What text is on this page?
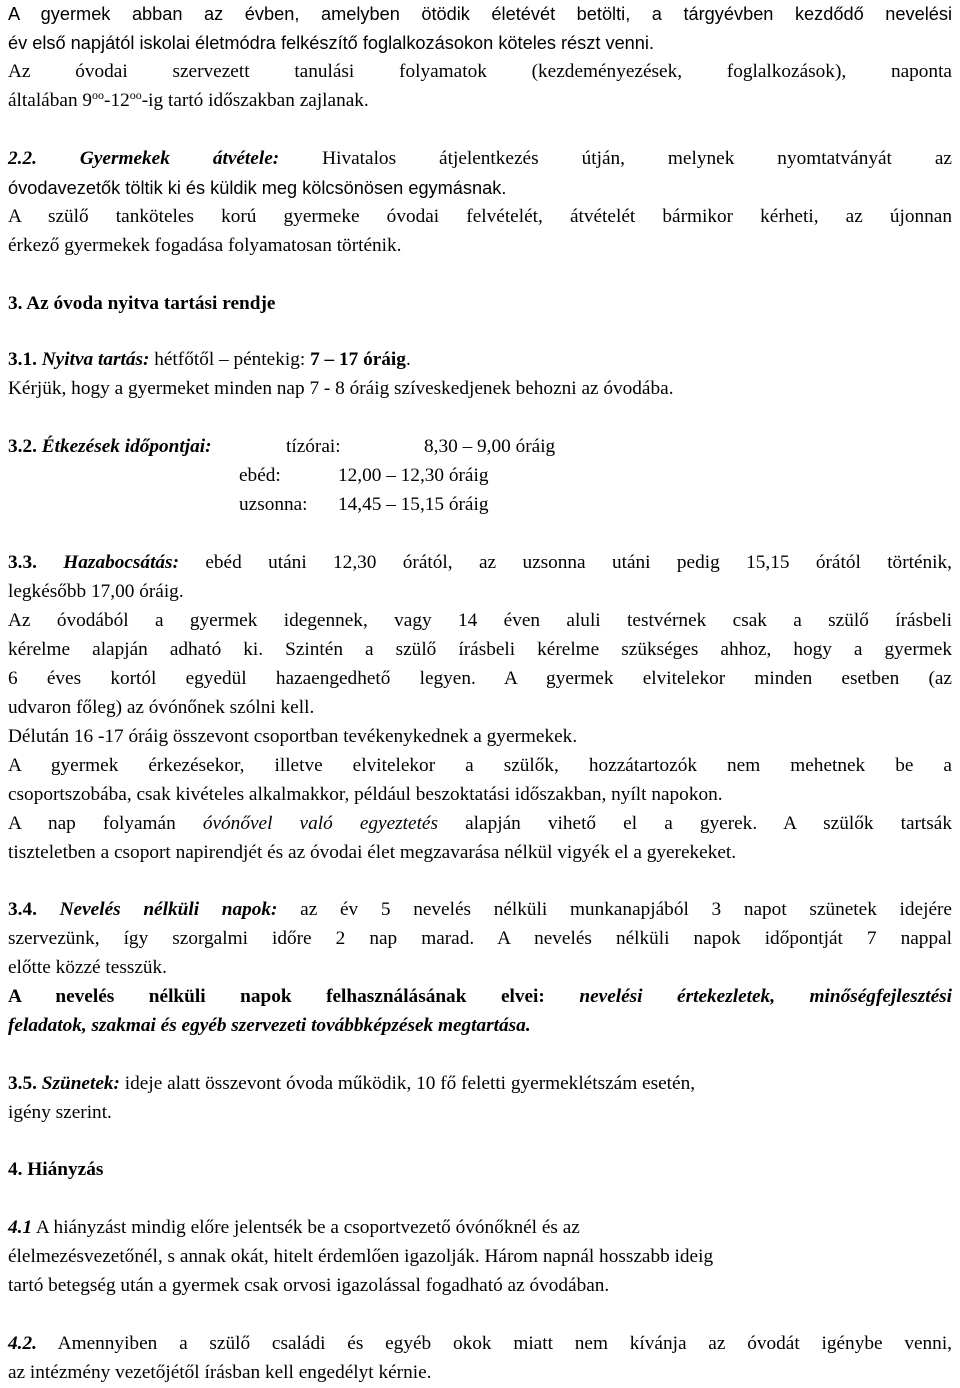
A gyermek abban az évben, amelyben ötödik életévét betölti, a tárgyévben kezdődő nevelési
év első napjától iskolai életmódra felkészítő foglalkozásokon köteles részt venni.
Az óvodai szervezett tanulási folyamatok (kezdeményezések, foglalkozások), naponta
általában $9^{oo}-12^{oo}-ig$ tartó időszakban zajlanak.
2.2. Gyermekek átvétele: Hivatalos átjelentkezés útján, melynek nyomtatványát az
óvodavezetők töltik ki és küldik meg kölcsönösen egymásnak.
A szülő tanköteles korú gyermeke óvodai felvételét, átvételét bármikor kérheti, az újonnan
érkező gyermekek fogadása folyamatosan történik.
3. Az óvoda nyitva tartási rendje
3.1. Nyitva tartás: hétfőtől – péntekig: 7 – 17 óráig.
Kérjük, hogy a gyermeket minden nap 7 - 8 óráig szíveskedjenek behozni az óvodába.
3.2. Étkezések időpontjai:	tízórai:	8,30 – 9,00 óráig
ebéd:	12,00 – 12,30 óráig
uzsonna: 14,45 – 15,15 óráig
3.3. Hazabocsátás: ebéd utáni 12,30 órától, az uzsonna utáni pedig 15,15 órától történik,
legkésőbb 17,00 óráig.
Az óvodából a gyermek idegennek, vagy 14 éven aluli testvérnek csak a szülő írásbeli
kérelme alapján adható ki. Szintén a szülő írásbeli kérelme szükséges ahhoz, hogy a gyermek
6 éves kortól egyedül hazaengedhető legyen. A gyermek elvitelekor minden esetben (az
udvaron főleg) az óvónőnek szólni kell.
Délután 16 -17 óráig összevont csoportban tevékenykednek a gyermekek.
A gyermek érkezésekor, illetve elvitelekor a szülők, hozzátartozók nem mehetnek be a
csoportszobába, csak kivételes alkalmakkor, például beszoktatási időszakban, nyílt napokon.
A nap folyamán óvónővel való egyeztetés alapján vihető el a gyerek. A szülők tartsák
tiszteletben a csoport napirendjét és az óvodai élet megzavarása nélkül vigyék el a gyerekeket.
3.4. Nevelés nélküli napok: az év 5 nevelés nélküli munkanapjából 3 napot szünetek idejére
szervezünk, így szorgalmi időre 2 nap marad. A nevelés nélküli napok időpontját 7 nappal
előtte közzé tesszük.
A nevelés nélküli napok felhasználásának elvei: nevelési értekezletek, minőségfejlesztési
feladatok, szakmai és egyéb szervezeti továbbképzések megtartása.
3.5. Szünetek: ideje alatt összevont óvoda működik, 10 fő feletti gyermeklétszám esetén,
igény szerint.
4. Hiányzás
4.1 A hiányzást mindig előre jelentsék be a csoportvezető óvónőknél és az
élelmezésvezetőnél, s annak okát, hitelt érdemlően igazolják. Három napnál hosszabb ideig
tartó betegség után a gyermek csak orvosi igazolással fogadható az óvodában.
4.2. Amennyiben a szülő családi és egyéb okok miatt nem kívánja az óvodát igénybe venni,
az intézmény vezetőjétől írásban kell engedélyt kérnie.
